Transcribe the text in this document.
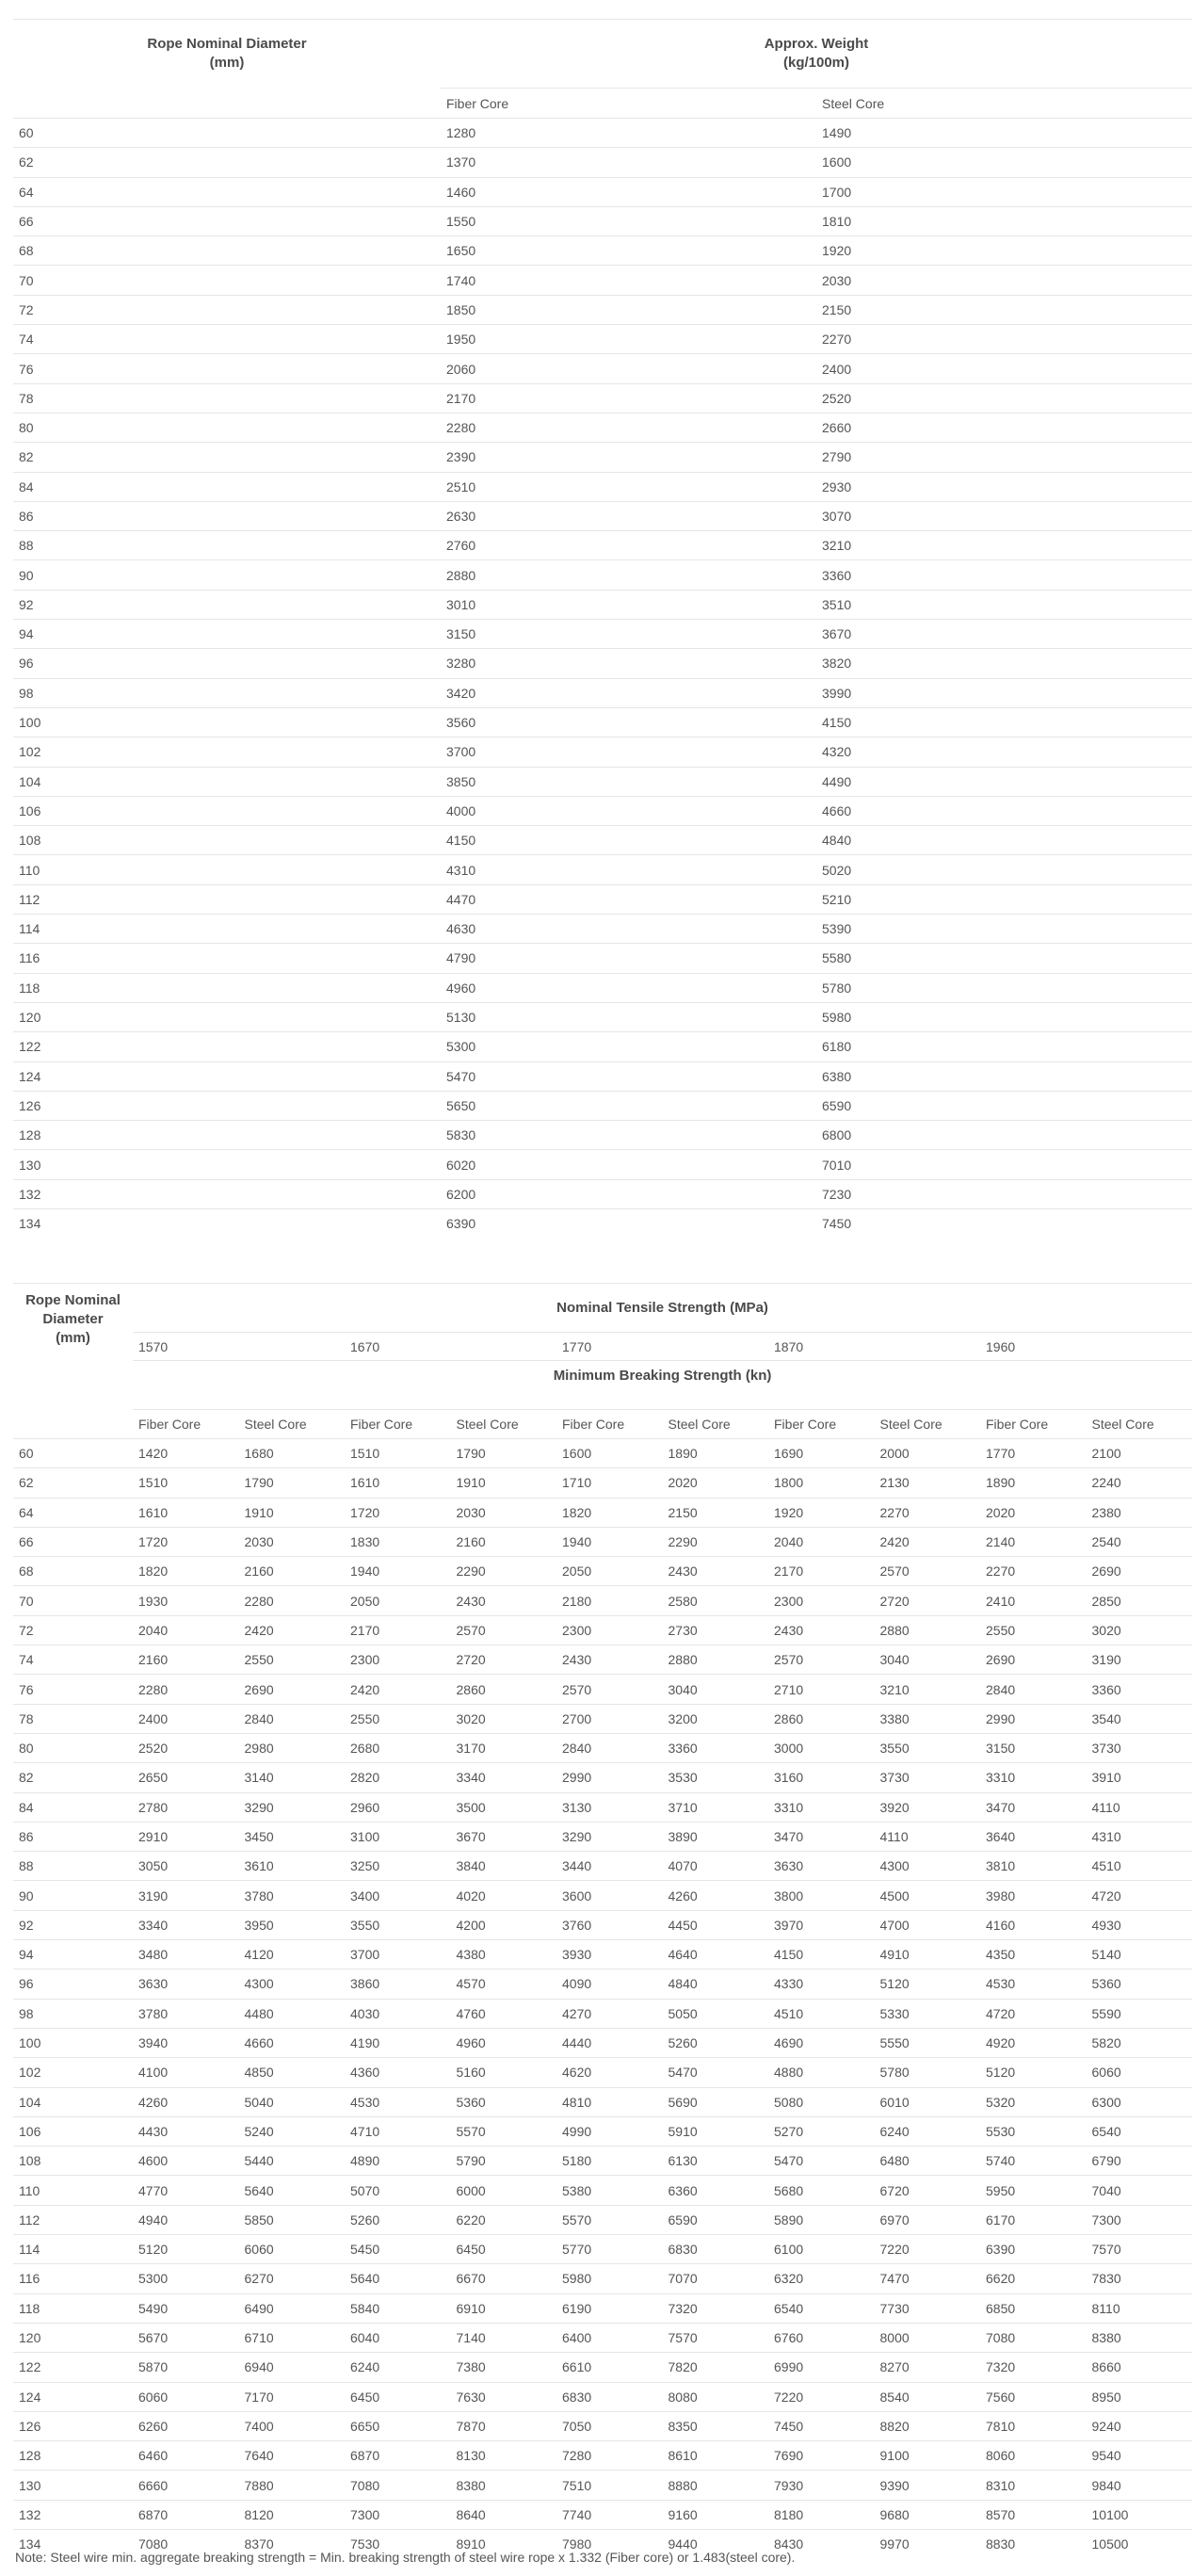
Rope Nominal Diameter
(mm)	Approx. Weight
(kg/100m)	
	Fiber Core	Steel Core
60	1280	1490
62	1370	1600
64	1460	1700
66	1550	1810
68	1650	1920
70	1740	2030
72	1850	2150
74	1950	2270
76	2060	2400
78	2170	2520
80	2280	2660
82	2390	2790
84	2510	2930
86	2630	3070
88	2760	3210
90	2880	3360
92	3010	3510
94	3150	3670
96	3280	3820
98	3420	3990
100	3560	4150
102	3700	4320
104	3850	4490
106	4000	4660
108	4150	4840
110	4310	5020
112	4470	5210
114	4630	5390
116	4790	5580
118	4960	5780
120	5130	5980
122	5300	6180
124	5470	6380
126	5650	6590
128	5830	6800
130	6020	7010
132	6200	7230
134	6390	7450
Rope Nominal
Diameter
(mm)	Nominal Tensile Strength (MPa)									
	1570		1670		1770		1870		1960	
	Minimum Breaking Strength (kn)									
	Fiber Core	Steel Core	Fiber Core	Steel Core	Fiber Core	Steel Core	Fiber Core	Steel Core	Fiber Core	Steel Core
60	1420	1680	1510	1790	1600	1890	1690	2000	1770	2100
62	1510	1790	1610	1910	1710	2020	1800	2130	1890	2240
64	1610	1910	1720	2030	1820	2150	1920	2270	2020	2380
66	1720	2030	1830	2160	1940	2290	2040	2420	2140	2540
68	1820	2160	1940	2290	2050	2430	2170	2570	2270	2690
70	1930	2280	2050	2430	2180	2580	2300	2720	2410	2850
72	2040	2420	2170	2570	2300	2730	2430	2880	2550	3020
74	2160	2550	2300	2720	2430	2880	2570	3040	2690	3190
76	2280	2690	2420	2860	2570	3040	2710	3210	2840	3360
78	2400	2840	2550	3020	2700	3200	2860	3380	2990	3540
80	2520	2980	2680	3170	2840	3360	3000	3550	3150	3730
82	2650	3140	2820	3340	2990	3530	3160	3730	3310	3910
84	2780	3290	2960	3500	3130	3710	3310	3920	3470	4110
86	2910	3450	3100	3670	3290	3890	3470	4110	3640	4310
88	3050	3610	3250	3840	3440	4070	3630	4300	3810	4510
90	3190	3780	3400	4020	3600	4260	3800	4500	3980	4720
92	3340	3950	3550	4200	3760	4450	3970	4700	4160	4930
94	3480	4120	3700	4380	3930	4640	4150	4910	4350	5140
96	3630	4300	3860	4570	4090	4840	4330	5120	4530	5360
98	3780	4480	4030	4760	4270	5050	4510	5330	4720	5590
100	3940	4660	4190	4960	4440	5260	4690	5550	4920	5820
102	4100	4850	4360	5160	4620	5470	4880	5780	5120	6060
104	4260	5040	4530	5360	4810	5690	5080	6010	5320	6300
106	4430	5240	4710	5570	4990	5910	5270	6240	5530	6540
108	4600	5440	4890	5790	5180	6130	5470	6480	5740	6790
110	4770	5640	5070	6000	5380	6360	5680	6720	5950	7040
112	4940	5850	5260	6220	5570	6590	5890	6970	6170	7300
114	5120	6060	5450	6450	5770	6830	6100	7220	6390	7570
116	5300	6270	5640	6670	5980	7070	6320	7470	6620	7830
118	5490	6490	5840	6910	6190	7320	6540	7730	6850	8110
120	5670	6710	6040	7140	6400	7570	6760	8000	7080	8380
122	5870	6940	6240	7380	6610	7820	6990	8270	7320	8660
124	6060	7170	6450	7630	6830	8080	7220	8540	7560	8950
126	6260	7400	6650	7870	7050	8350	7450	8820	7810	9240
128	6460	7640	6870	8130	7280	8610	7690	9100	8060	9540
130	6660	7880	7080	8380	7510	8880	7930	9390	8310	9840
132	6870	8120	7300	8640	7740	9160	8180	9680	8570	10100
134	7080	8370	7530	8910	7980	9440	8430	9970	8830	10500

Note: Steel wire min. aggregate breaking strength = Min. breaking strength of steel wire rope x 1.332 (Fiber core) or 1.483(steel core).
